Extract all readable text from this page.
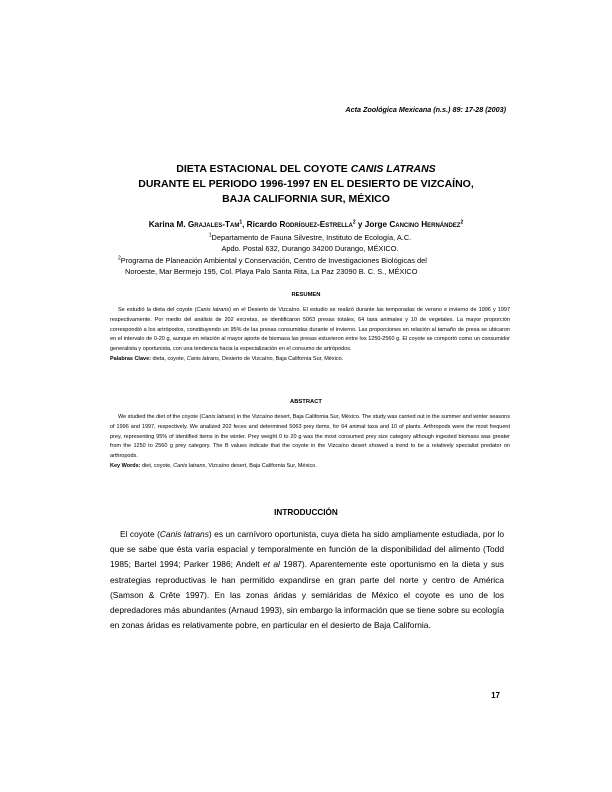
Acta Zoológica Mexicana (n.s.) 89: 17-28 (2003)
DIETA ESTACIONAL DEL COYOTE CANIS LATRANS
DURANTE EL PERIODO 1996-1997 EN EL DESIERTO DE VIZCAÍNO,
BAJA CALIFORNIA SUR, MÉXICO
Karina M. Grajales-Tam$^1$, Ricardo Rodríguez-Estrella$^2$ y Jorge Cancino Hernández$^2$
$^1$Departamento de Fauna Silvestre, Instituto de Ecología, A.C.
Apdo. Postal 632, Durango 34200 Durango, MÉXICO.
$^2$Programa de Planeación Ambiental y Conservación, Centro de Investigaciones Biológicas del
Noroeste, Mar Bermejo 195, Col. Playa Palo Santa Rita, La Paz 23090 B. C. S., MÉXICO
RESUMEN
Se estudió la dieta del coyote (Canis latrans) en el Desierto de Vizcaíno. El estudio se realizó durante las temporadas de verano e invierno de 1996 y 1997 respectivamente. Por medio del análisis de 202 excretas, se identificaron 5063 presas totales, 64 taxa animales y 10 de vegetales. La mayor proporción correspondió a los artrópodos, constituyendo un 95% de las presas consumidas durante el invierno. Las proporciones en relación al tamaño de presa se ubicaron en el intervalo de 0-20 g, aunque en relación al mayor aporte de biomasa las presas estuvieron entre los 1250-2560 g. El coyote se comportó como un consumidor generalista y oportunista, con una tendencia hacia la especialización en el consumo de artrópodos.
Palabras Clave: dieta, coyote, Canis latrans, Desierto de Vizcaíno, Baja California Sur, México.
ABSTRACT
We studied the diet of the coyote (Canis latrans) in the Vizcaíno desert, Baja California Sur, México. The study was carried out in the summer and winter seasons of 1996 and 1997, respectively. We analized 202 feces and determined 5063 prey items, for 64 animal taxa and 10 of plants. Arthropods were the most frequent prey, representing 95% of identified items in the winter. Prey weight 0 to 20 g was the most consumed prey size category although ingested biomass was greater from the 1250 to 2560 g prey category. The B values indicate that the coyote in the Vizcaíno desert showed a trend to be a relatively specialist predator on arthropods.
Key Words: diet, coyote, Canis latrans, Vizcaíno desert, Baja California Sur, México.
INTRODUCCIÓN
El coyote (Canis latrans) es un carnívoro oportunista, cuya dieta ha sido ampliamente estudiada, por lo que se sabe que ésta varía espacial y temporalmente en función de la disponibilidad del alimento (Todd 1985; Bartel 1994; Parker 1986; Andelt et al 1987). Aparentemente este oportunismo en la dieta y sus estrategias reproductivas le han permitido expandirse en gran parte del norte y centro de América (Samson & Crête 1997). En las zonas áridas y semiáridas de México el coyote es uno de los depredadores más abundantes (Arnaud 1993), sin embargo la información que se tiene sobre su ecología en zonas áridas es relativamente pobre, en particular en el desierto de Baja California.
17
